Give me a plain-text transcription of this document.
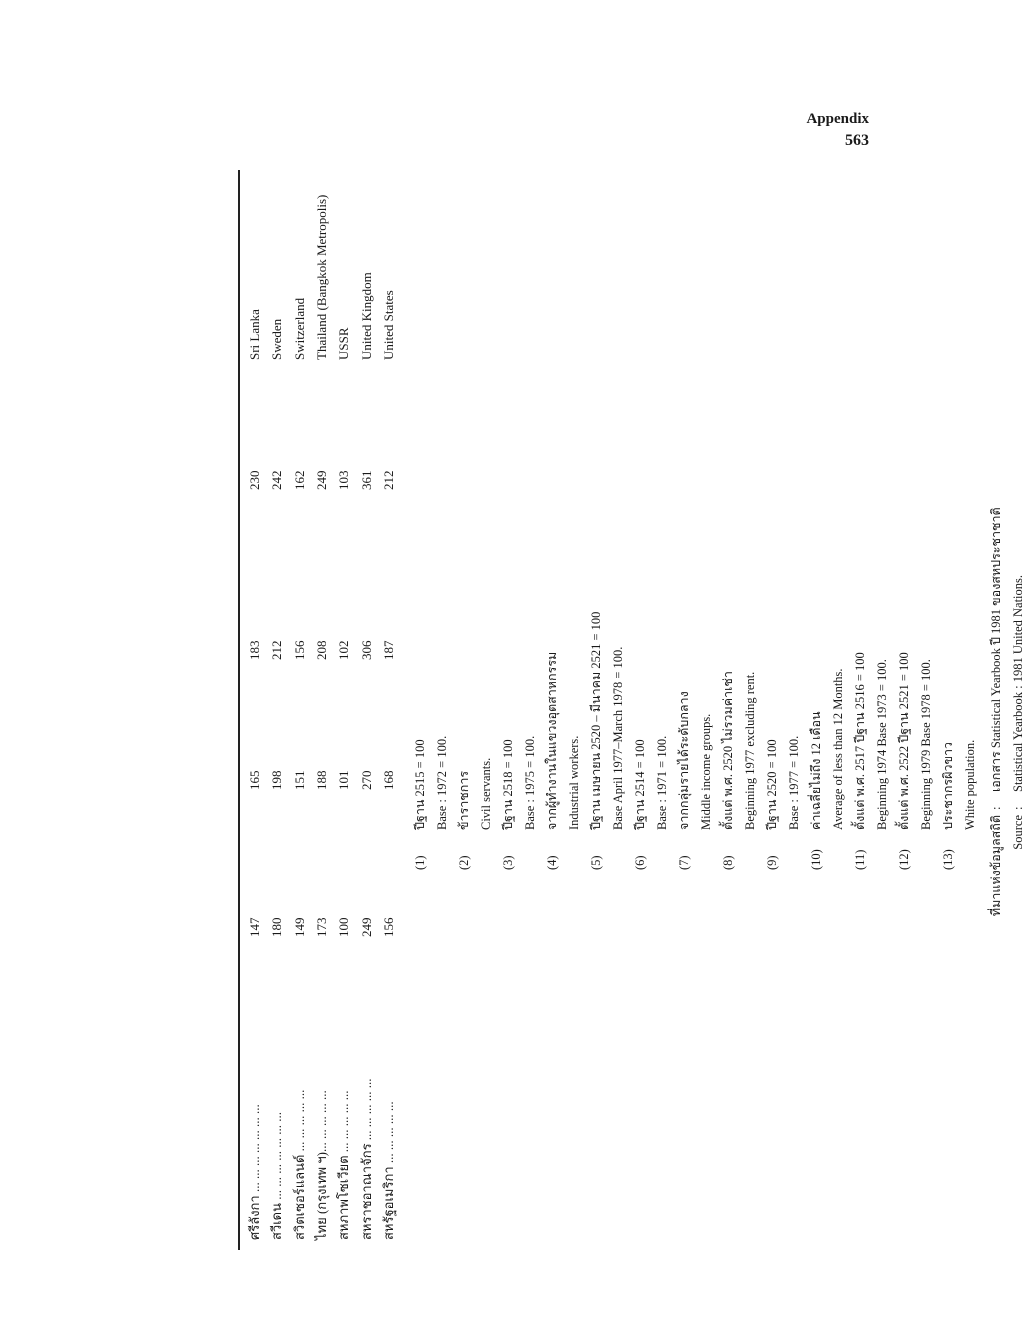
Appendix
563
ศรีลังกา ... ... ... ... ... ... ...
147
165
183
230
Sri Lanka
สวีเดน ... ... ... ... ... ... ...
180
198
212
242
Sweden
สวิตเซอร์แลนด์ ... ... ... ... ...
149
151
156
162
Switzerland
ไทย (กรุงเทพ ฯ)... ... ... ... ...
173
188
208
249
Thailand (Bangkok Metropolis)
สหภาพโซเวียต ... ... ... ... ...
100
101
102
103
USSR
สหราชอาณาจักร ... ... ... ... ...
249
270
306
361
United Kingdom
สหรัฐอเมริกา ... ... ... ... ...
156
168
187
212
United States
(1)
ปีฐาน 2515 = 100 Base : 1972 = 100.
(2)
ข้าราชการ Civil servants.
(3)
ปีฐาน 2518 = 100 Base : 1975 = 100.
(4)
จากผู้ทำงานในแขวงอุตสาหกรรม Industrial workers.
(5)
ปีฐาน เมษายน 2520 – มีนาคม 2521 = 100 Base April 1977–March 1978 = 100.
(6)
ปีฐาน 2514 = 100 Base : 1971 = 100.
(7)
จากกลุ่มรายได้ระดับกลาง Middle income groups.
(8)
ตั้งแต่ พ.ศ. 2520 ไม่รวมค่าเช่า Beginning 1977 excluding rent.
(9)
ปีฐาน 2520 = 100 Base : 1977 = 100.
(10)
ค่าเฉลี่ยไม่ถึง 12 เดือน Average of less than 12 Months.
(11)
ตั้งแต่ พ.ศ. 2517 ปีฐาน 2516 = 100 Beginning 1974 Base 1973 = 100.
(12)
ตั้งแต่ พ.ศ. 2522 ปีฐาน 2521 = 100 Beginning 1979 Base 1978 = 100.
(13)
ประชากรผิวขาว White population.
ที่มาแห่งข้อมูลสถิติ
:
เอกสาร Statistical Yearbook ปี 1981 ของสหประชาชาติ
Source
:
Statistical Yearbook : 1981 United Nations.
